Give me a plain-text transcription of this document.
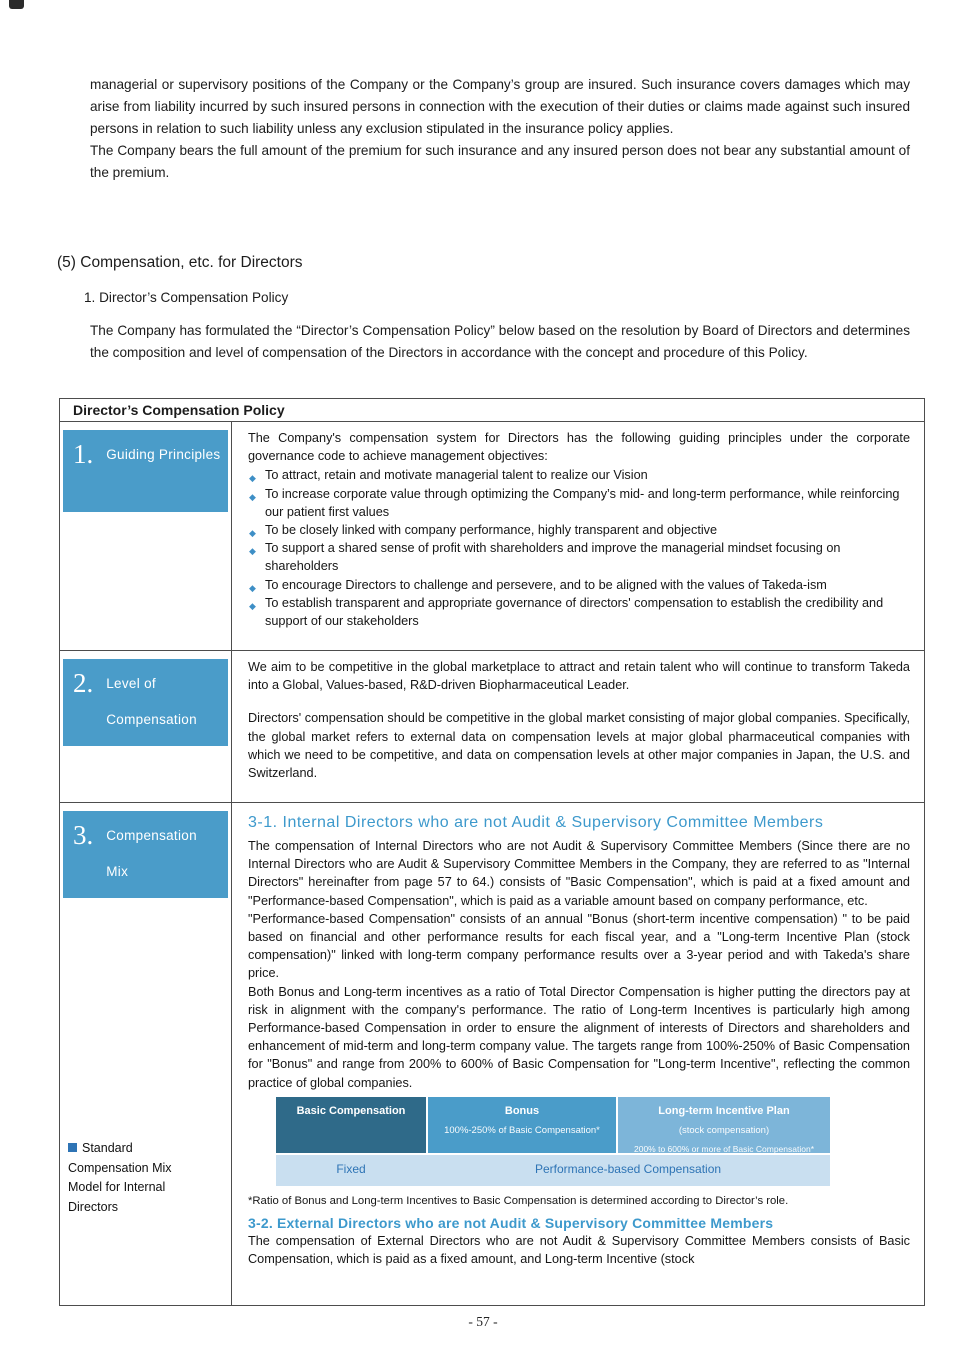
managerial or supervisory positions of the Company or the Company’s group are insured. Such insurance covers damages which may arise from liability incurred by such insured persons in connection with the execution of their duties or claims made against such insured persons in relation to such liability unless any exclusion stipulated in the insurance policy applies.

The Company bears the full amount of the premium for such insurance and any insured person does not bear any substantial amount of the premium.

(5) Compensation, etc. for Directors
1. Director’s Compensation Policy

The Company has formulated the “Director’s Compensation Policy” below based on the resolution by Board of Directors and determines the composition and level of compensation of the Directors in accordance with the concept and procedure of this Policy.

Director’s Compensation Policy
1. Guiding Principles

The Company's compensation system for Directors has the following guiding principles under the corporate governance code to achieve management objectives:

◆ To attract, retain and motivate managerial talent to realize our Vision
◆ To increase corporate value through optimizing the Company’s mid- and long-term performance, while reinforcing our patient first values
◆ To be closely linked with company performance, highly transparent and objective
◆ To support a shared sense of profit with shareholders and improve the managerial mindset focusing on shareholders
◆ To encourage Directors to challenge and persevere, and to be aligned with the values of Takeda-ism
◆ To establish transparent and appropriate governance of directors' compensation to establish the credibility and support of our stakeholders
2. Level of Compensation

We aim to be competitive in the global marketplace to attract and retain talent who will continue to transform Takeda into a Global, Values-based, R&D-driven Biopharmaceutical Leader.

Directors' compensation should be competitive in the global market consisting of major global companies. Specifically, the global market refers to external data on compensation levels at major global pharmaceutical companies with which we need to be competitive, and data on compensation levels at other major companies in Japan, the U.S. and Switzerland.

3. Compensation Mix
Standard Compensation Mix Model for Internal Directors
3-1. Internal Directors who are not Audit & Supervisory Committee Members

The compensation of Internal Directors who are not Audit & Supervisory Committee Members (Since there are no Internal Directors who are Audit & Supervisory Committee Members in the Company, they are referred to as "Internal Directors" hereinafter from page 57 to 64.) consists of "Basic Compensation", which is paid at a fixed amount and "Performance-based Compensation", which is paid as a variable amount based on company performance, etc.

"Performance-based Compensation" consists of an annual "Bonus (short-term incentive compensation) " to be paid based on financial and other performance results for each fiscal year, and a "Long-term Incentive Plan (stock compensation)" linked with long-term company performance results over a 3-year period and with Takeda's share price.

Both Bonus and Long-term incentives as a ratio of Total Director Compensation is higher putting the directors pay at risk in alignment with the company's performance. The ratio of Long-term Incentives is particularly high among Performance-based Compensation in order to ensure the alignment of interests of Directors and shareholders and enhancement of mid-term and long-term company value. The targets range from 100%-250% of Basic Compensation for "Bonus" and range from 200% to 600% of Basic Compensation for "Long-term Incentive", reflecting the common practice of global companies.

Basic Compensation	Bonus
100%-250% of Basic Compensation*
Long-term Incentive Plan
(stock compensation)
200% to 600% or more of Basic Compensation*
Fixed	Performance-based Compensation
*Ratio of Bonus and Long-term Incentives to Basic Compensation is determined according to Director’s role.
3-2. External Directors who are not Audit & Supervisory Committee Members

The compensation of External Directors who are not Audit & Supervisory Committee Members consists of Basic Compensation, which is paid as a fixed amount, and Long-term Incentive (stock

- 57 -
